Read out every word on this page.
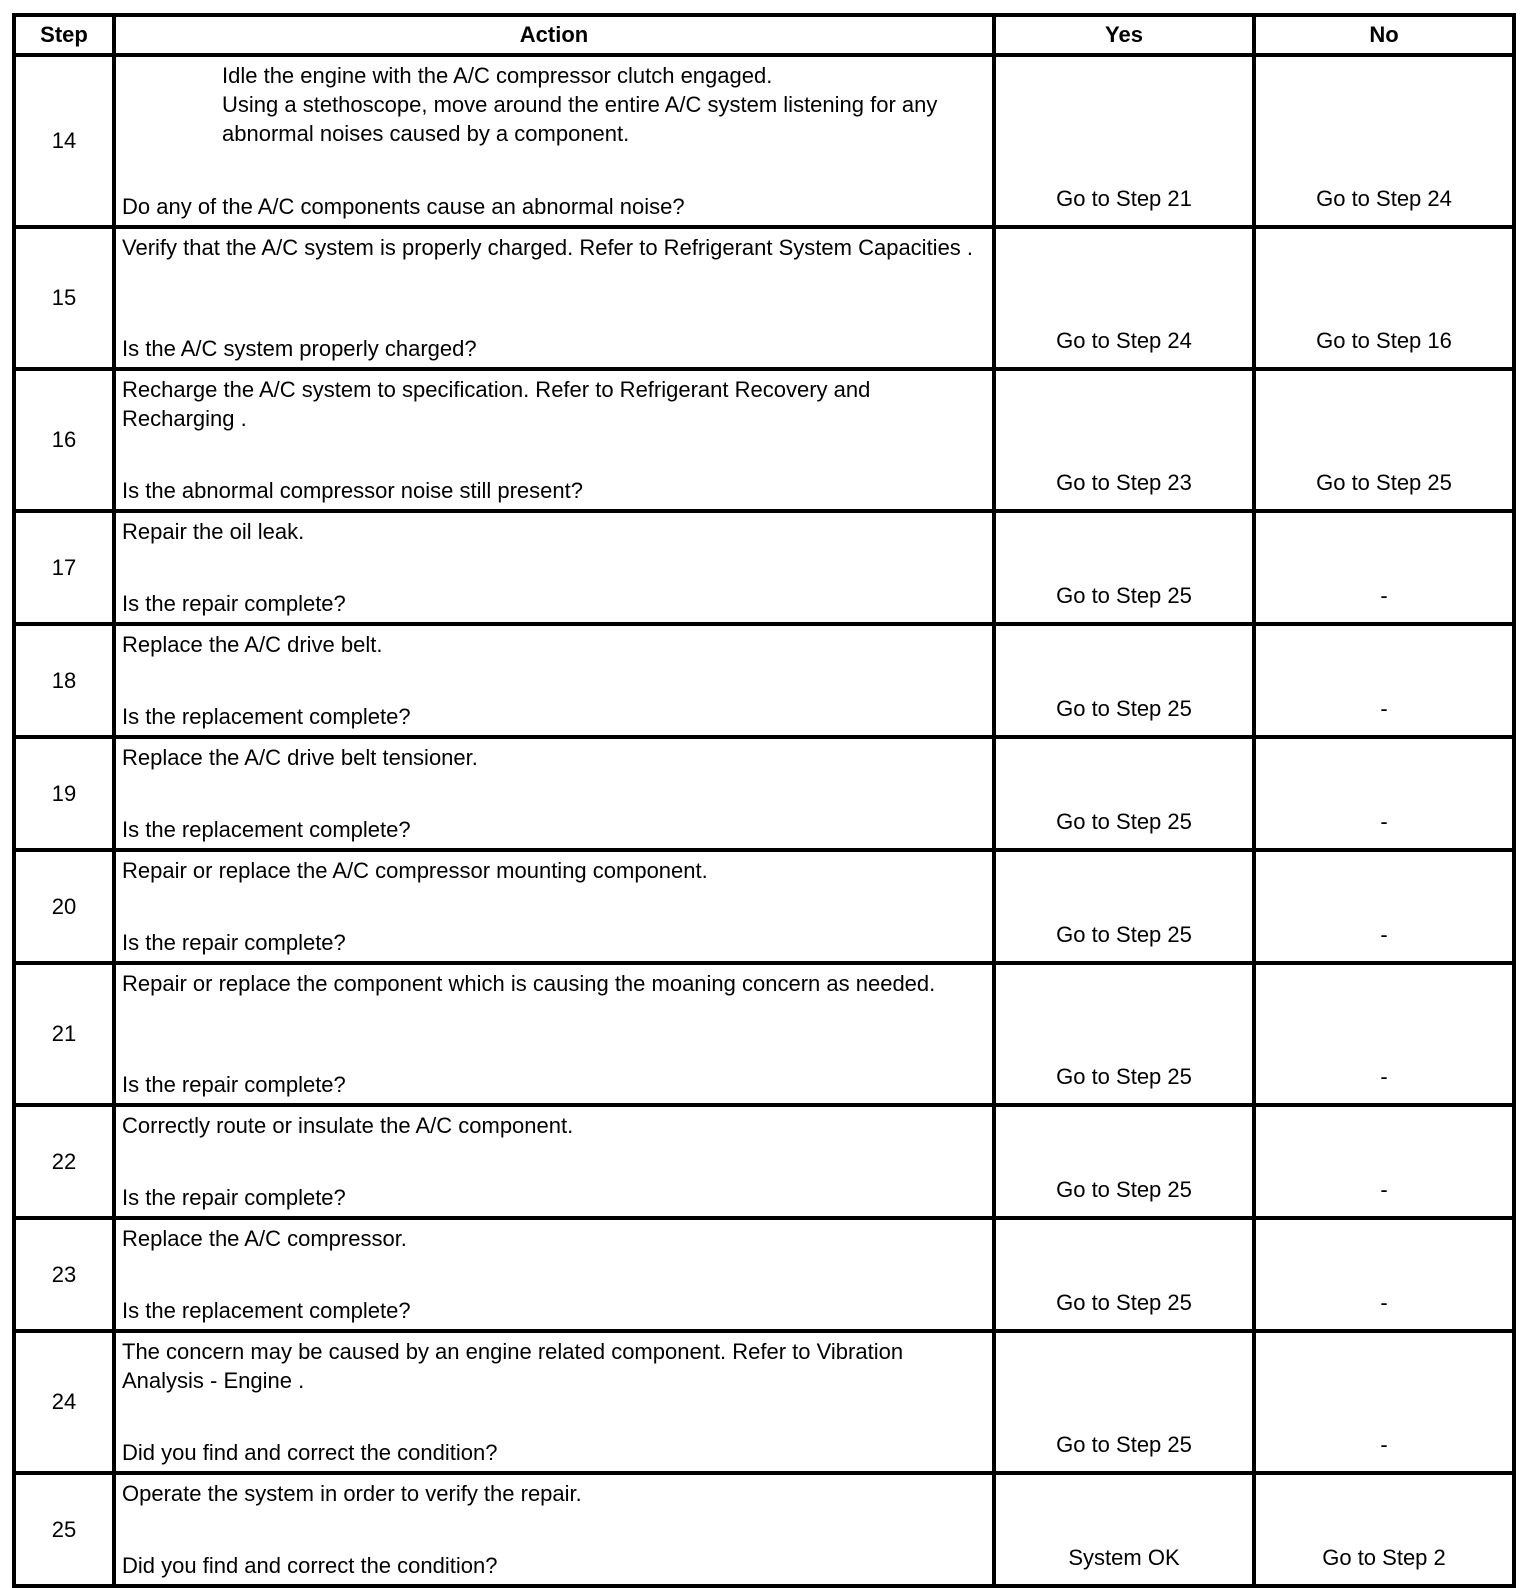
Step	Action	Yes	No
14	Idle the engine with the A/C compressor clutch engaged.
Using a stethoscope, move around the entire A/C system listening for any abnormal noises caused by a component.
Do any of the A/C components cause an abnormal noise?	Go to Step 21	Go to Step 24

15	Verify that the A/C system is properly charged. Refer to Refrigerant System Capacities .
Is the A/C system properly charged?	Go to Step 24	Go to Step 16

16	Recharge the A/C system to specification. Refer to Refrigerant Recovery and Recharging .
Is the abnormal compressor noise still present?	Go to Step 23	Go to Step 25

17	Repair the oil leak.
Is the repair complete?	Go to Step 25	-

18	Replace the A/C drive belt.
Is the replacement complete?	Go to Step 25	-

19	Replace the A/C drive belt tensioner.
Is the replacement complete?	Go to Step 25	-

20	Repair or replace the A/C compressor mounting component.
Is the repair complete?	Go to Step 25	-

21	Repair or replace the component which is causing the moaning concern as needed.
Is the repair complete?	Go to Step 25	-

22	Correctly route or insulate the A/C component.
Is the repair complete?	Go to Step 25	-

23	Replace the A/C compressor.
Is the replacement complete?	Go to Step 25	-

24	The concern may be caused by an engine related component. Refer to Vibration Analysis - Engine .
Did you find and correct the condition?	Go to Step 25	-

25	Operate the system in order to verify the repair.
Did you find and correct the condition?	System OK	Go to Step 2
